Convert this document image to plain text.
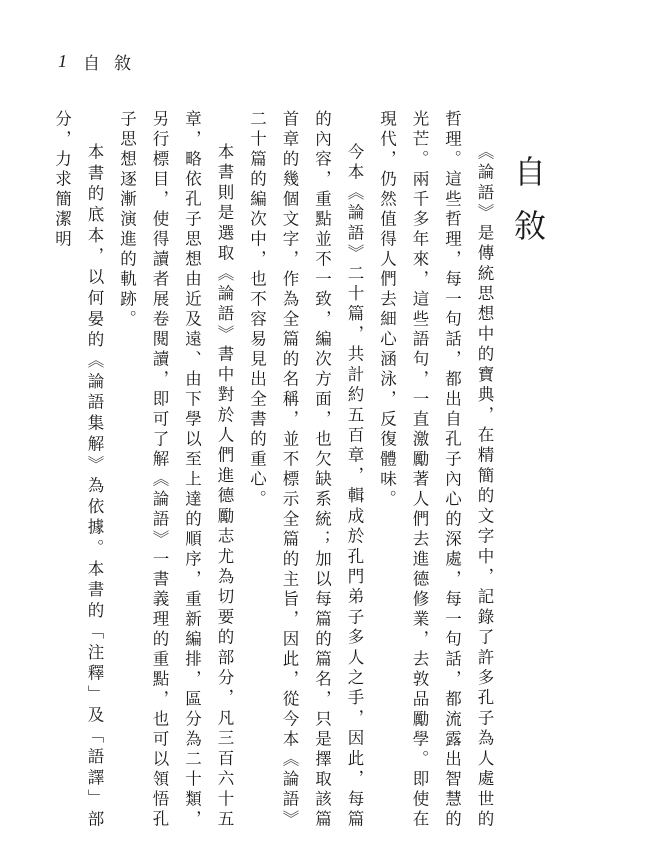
1 自敘
自敘

《論語》是傳統思想中的寶典，在精簡的文字中，記錄了許多孔子為人處世的哲理。這些哲理，每一句話，都出自孔子內心的深處，每一句話，都流露出智慧的光芒。兩千多年來，這些語句，一直激勵著人們去進德修業，去敦品勵學。即使在現代，仍然值得人們去細心涵泳，反復體味。

今本《論語》二十篇，共計約五百章，輯成於孔門弟子多人之手，因此，每篇的內容，重點並不一致，編次方面，也欠缺系統；加以每篇的篇名，只是擇取該篇首章的幾個文字，作為全篇的名稱，並不標示全篇的主旨，因此，從今本《論語》二十篇的編次中，也不容易見出全書的重心。

本書則是選取《論語》書中對於人們進德勵志尤為切要的部分，凡三百六十五章，略依孔子思想由近及遠、由下學以至上達的順序，重新編排，區分為二十類，另行標目，使得讀者展卷閱讀，即可了解《論語》一書義理的重點，也可以領悟孔子思想逐漸演進的軌跡。

本書的底本，以何晏的《論語集解》為依據。本書的「注釋」及「語譯」部分，力求簡潔明
